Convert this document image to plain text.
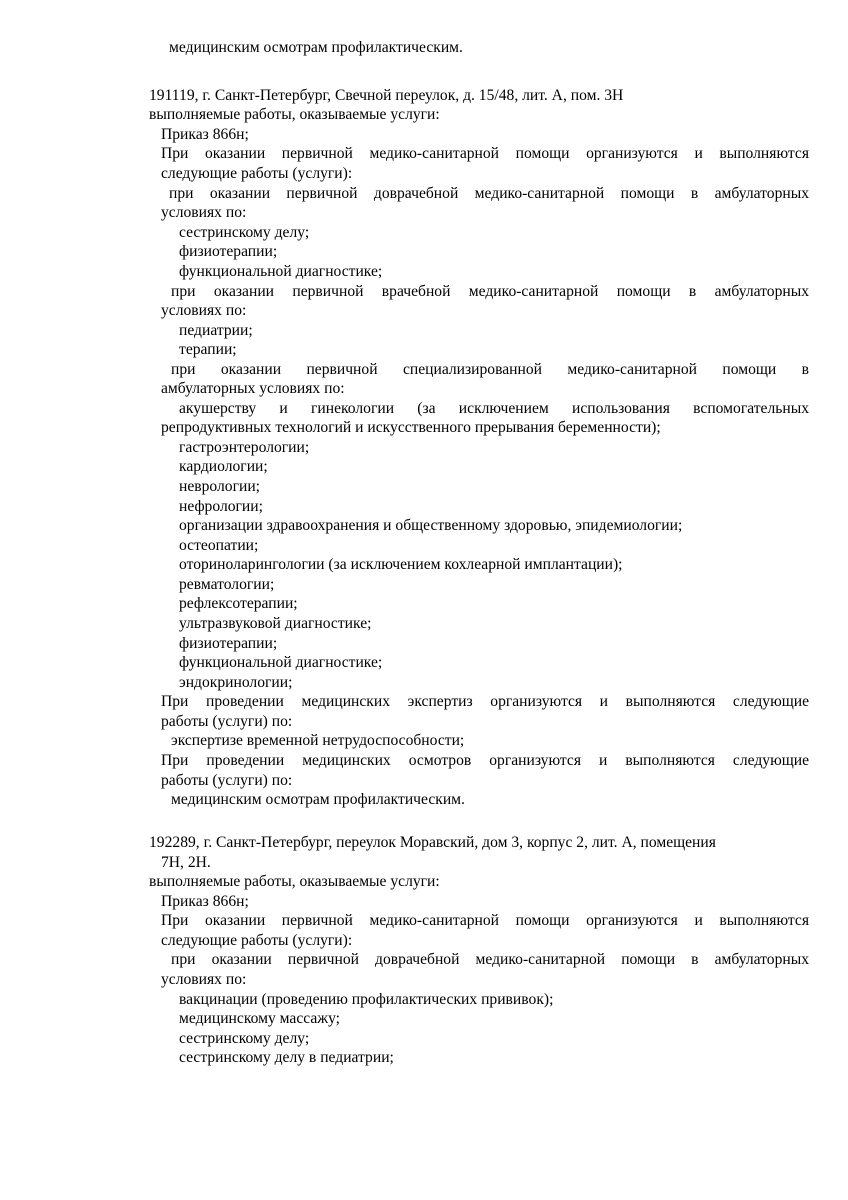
медицинским осмотрам профилактическим.
191119, г. Санкт-Петербург, Свечной переулок, д. 15/48, лит. А, пом. 3Н
выполняемые работы, оказываемые услуги:
Приказ 866н;
При оказании первичной медико-санитарной помощи организуются и выполняются
следующие работы (услуги):
при оказании первичной доврачебной медико-санитарной помощи в амбулаторных
условиях по:
сестринскому делу;
физиотерапии;
функциональной диагностике;
при оказании первичной врачебной медико-санитарной помощи в амбулаторных
условиях по:
педиатрии;
терапии;
при оказании первичной специализированной медико-санитарной помощи в
амбулаторных условиях по:
акушерству и гинекологии (за исключением использования вспомогательных
репродуктивных технологий и искусственного прерывания беременности);
гастроэнтерологии;
кардиологии;
неврологии;
нефрологии;
организации здравоохранения и общественному здоровью, эпидемиологии;
остеопатии;
оториноларингологии (за исключением кохлеарной имплантации);
ревматологии;
рефлексотерапии;
ультразвуковой диагностике;
физиотерапии;
функциональной диагностике;
эндокринологии;
При проведении медицинских экспертиз организуются и выполняются следующие
работы (услуги) по:
экспертизе временной нетрудоспособности;
При проведении медицинских осмотров организуются и выполняются следующие
работы (услуги) по:
медицинским осмотрам профилактическим.
192289, г. Санкт-Петербург, переулок Моравский, дом 3, корпус 2, лит. А, помещения
7Н, 2Н.
выполняемые работы, оказываемые услуги:
Приказ 866н;
При оказании первичной медико-санитарной помощи организуются и выполняются
следующие работы (услуги):
при оказании первичной доврачебной медико-санитарной помощи в амбулаторных
условиях по:
вакцинации (проведению профилактических прививок);
медицинскому массажу;
сестринскому делу;
сестринскому делу в педиатрии;
